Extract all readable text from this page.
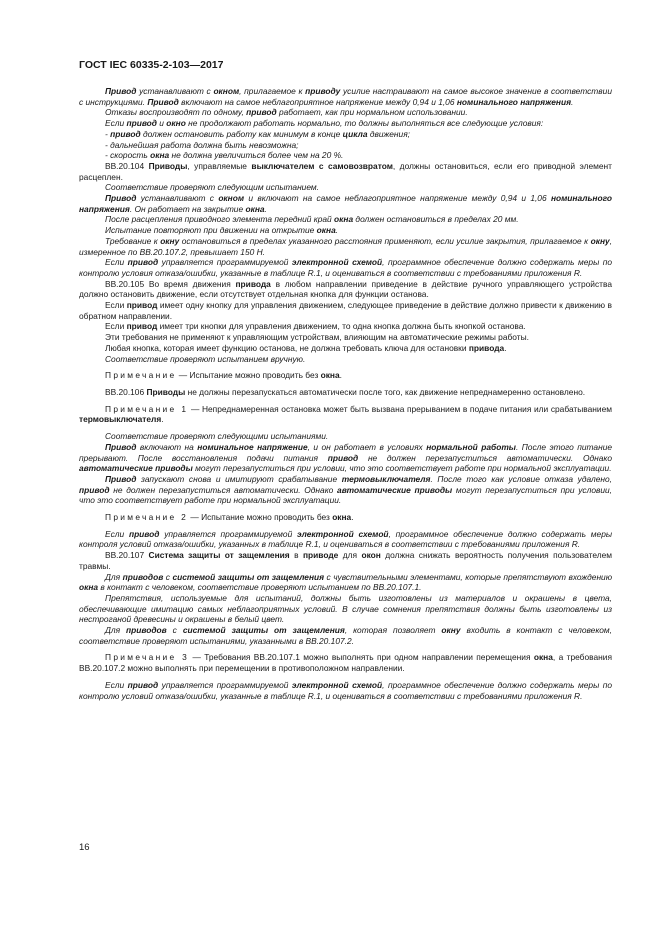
ГОСТ IEC 60335-2-103—2017

Привод устанавливают с окном, прилагаемое к приводу усилие настраивают на самое высокое значение в соответствии с инструкциями. Привод включают на самое неблагоприятное напряжение между 0,94 и 1,06 номинального напряжения.

Отказы воспроизводят по одному, привод работает, как при нормальном использовании.

Если привод и окно не продолжают работать нормально, то должны выполняться все следующие условия:

- привод должен остановить работу как минимум в конце цикла движения;

- дальнейшая работа должна быть невозможна;

- скорость окна не должна увеличиться более чем на 20 %.

ВВ.20.104 Приводы, управляемые выключателем с самовозвратом, должны остановиться, если его приводной элемент расцеплен.

Соответствие проверяют следующим испытанием.

Привод устанавливают с окном и включают на самое неблагоприятное напряжение между 0,94 и 1,06 номинального напряжения. Он работает на закрытие окна.

После расцепления приводного элемента передний край окна должен остановиться в пределах 20 мм.

Испытание повторяют при движении на открытие окна.

Требование к окну остановиться в пределах указанного расстояния применяют, если усилие закрытия, прилагаемое к окну, измеренное по ВВ.20.107.2, превышает 150 Н.

Если привод управляется программируемой электронной схемой, программное обеспечение должно содержать меры по контролю условия отказа/ошибки, указанные в таблице R.1, и оцениваться в соответствии с требованиями приложения R.

ВВ.20.105 Во время движения привода в любом направлении приведение в действие ручного управляющего устройства должно остановить движение, если отсутствует отдельная кнопка для функции останова.

Если привод имеет одну кнопку для управления движением, следующее приведение в действие должно привести к движению в обратном направлении.

Если привод имеет три кнопки для управления движением, то одна кнопка должна быть кнопкой останова.

Эти требования не применяют к управляющим устройствам, влияющим на автоматические режимы работы.

Любая кнопка, которая имеет функцию останова, не должна требовать ключа для остановки привода.

Соответствие проверяют испытанием вручную.

Примечание — Испытание можно проводить без окна.

ВВ.20.106 Приводы не должны перезапускаться автоматически после того, как движение непреднамеренно остановлено.

Примечание 1 — Непреднамеренная остановка может быть вызвана прерыванием в подаче питания или срабатыванием термовыключателя.

Соответствие проверяют следующими испытаниями.

Привод включают на номинальное напряжение, и он работает в условиях нормальной работы. После этого питание прерывают. После восстановления подачи питания привод не должен перезапуститься автоматически. Однако автоматические приводы могут перезапуститься при условии, что это соответствует работе при нормальной эксплуатации.

Привод запускают снова и имитируют срабатывание термовыключателя. После того как условие отказа удалено, привод не должен перезапуститься автоматически. Однако автоматические приводы могут перезапуститься при условии, что это соответствует работе при нормальной эксплуатации.

Примечание 2 — Испытание можно проводить без окна.

Если привод управляется программируемой электронной схемой, программное обеспечение должно содержать меры контроля условий отказа/ошибки, указанных в таблице R.1, и оцениваться в соответствии с требованиями приложения R.

ВВ.20.107 Система защиты от защемления в приводе для окон должна снижать вероятность получения пользователем травмы.

Для приводов с системой защиты от защемления с чувствительными элементами, которые препятствуют вхождению окна в контакт с человеком, соответствие проверяют испытанием по ВВ.20.107.1.

Препятствия, используемые для испытаний, должны быть изготовлены из материалов и окрашены в цвета, обеспечивающие имитацию самых неблагоприятных условий. В случае сомнения препятствия должны быть изготовлены из нестроганой древесины и окрашены в белый цвет.

Для приводов с системой защиты от защемления, которая позволяет окну входить в контакт с человеком, соответствие проверяют испытаниями, указанными в ВВ.20.107.2.

Примечание 3 — Требования ВВ.20.107.1 можно выполнять при одном направлении перемещения окна, а требования ВВ.20.107.2 можно выполнять при перемещении в противоположном направлении.

Если привод управляется программируемой электронной схемой, программное обеспечение должно содержать меры по контролю условий отказа/ошибки, указанные в таблице R.1, и оцениваться в соответствии с требованиями приложения R.

16
